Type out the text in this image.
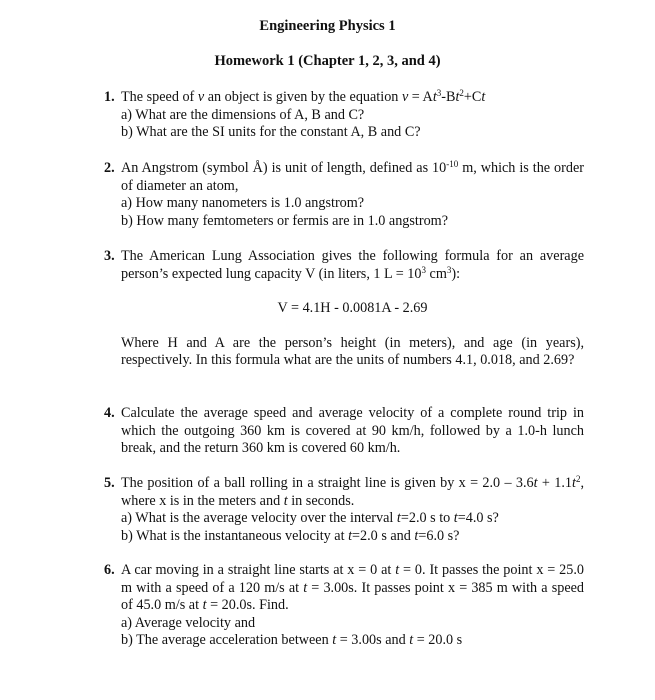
Engineering Physics 1
Homework 1 (Chapter 1, 2, 3, and 4)
1. The speed of v an object is given by the equation $v = At^3-Bt^2+Ct$
a) What are the dimensions of A, B and C?
b) What are the SI units for the constant A, B and C?
2. An Angstrom (symbol Å) is unit of length, defined as $10^{-10}$ m, which is the order of diameter an atom,
a) How many nanometers is 1.0 angstrom?
b) How many femtometers or fermis are in 1.0 angstrom?
3. The American Lung Association gives the following formula for an average person’s expected lung capacity V (in liters, 1 $L = 10^3$ $cm^3$):
V = 4.1H - 0.0081A - 2.69
Where H and A are the person’s height (in meters), and age (in years), respectively. In this formula what are the units of numbers 4.1, 0.018, and 2.69?
4. Calculate the average speed and average velocity of a complete round trip in which the outgoing 360 km is covered at 90 km/h, followed by a 1.0-h lunch break, and the return 360 km is covered 60 km/h.
5. The position of a ball rolling in a straight line is given by $x = 2.0 - 3.6t + 1.1t^2$, where x is in the meters and t in seconds.
a) What is the average velocity over the interval t=2.0 s to t=4.0 s?
b) What is the instantaneous velocity at t=2.0 s and t=6.0 s?
6. A car moving in a straight line starts at x = 0 at t = 0. It passes the point x = 25.0 m with a speed of a 120 m/s at t = 3.00s. It passes point x = 385 m with a speed of 45.0 m/s at t = 20.0s. Find.
a) Average velocity and
b) The average acceleration between t = 3.00s and t = 20.0 s
